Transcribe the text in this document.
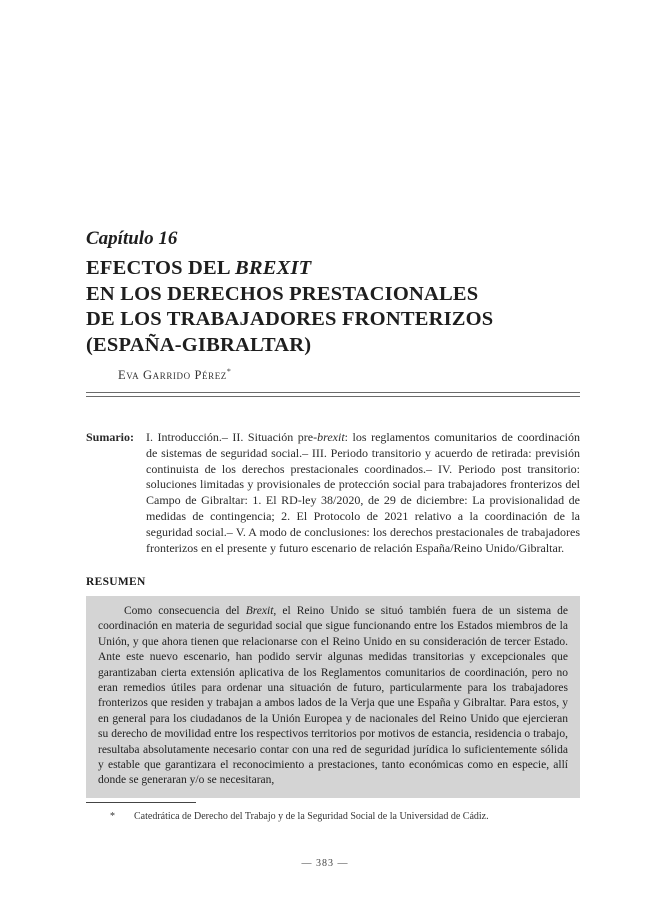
Capítulo 16
EFECTOS DEL BREXIT
EN LOS DERECHOS PRESTACIONALES
DE LOS TRABAJADORES FRONTERIZOS
(ESPAÑA-GIBRALTAR)
Eva Garrido Pérez*
Sumario: I. Introducción.– II. Situación pre-brexit: los reglamentos comunitarios de coordinación de sistemas de seguridad social.– III. Periodo transitorio y acuerdo de retirada: previsión continuista de los derechos prestacionales coordinados.– IV. Periodo post transitorio: soluciones limitadas y provisionales de protección social para trabajadores fronterizos del Campo de Gibraltar: 1. El RD-ley 38/2020, de 29 de diciembre: La provisionalidad de medidas de contingencia; 2. El Protocolo de 2021 relativo a la coordinación de la seguridad social.– V. A modo de conclusiones: los derechos prestacionales de trabajadores fronterizos en el presente y futuro escenario de relación España/Reino Unido/Gibraltar.
RESUMEN

Como consecuencia del Brexit, el Reino Unido se situó también fuera de un sistema de coordinación en materia de seguridad social que sigue funcionando entre los Estados miembros de la Unión, y que ahora tienen que relacionarse con el Reino Unido en su consideración de tercer Estado. Ante este nuevo escenario, han podido servir algunas medidas transitorias y excepcionales que garantizaban cierta extensión aplicativa de los Reglamentos comunitarios de coordinación, pero no eran remedios útiles para ordenar una situación de futuro, particularmente para los trabajadores fronterizos que residen y trabajan a ambos lados de la Verja que une España y Gibraltar. Para estos, y en general para los ciudadanos de la Unión Europea y de nacionales del Reino Unido que ejercieran su derecho de movilidad entre los respectivos territorios por motivos de estancia, residencia o trabajo, resultaba absolutamente necesario contar con una red de seguridad jurídica lo suficientemente sólida y estable que garantizara el reconocimiento a prestaciones, tanto económicas como en especie, allí donde se generaran y/o se necesitaran,

* Catedrática de Derecho del Trabajo y de la Seguridad Social de la Universidad de Cádiz.
— 383 —
